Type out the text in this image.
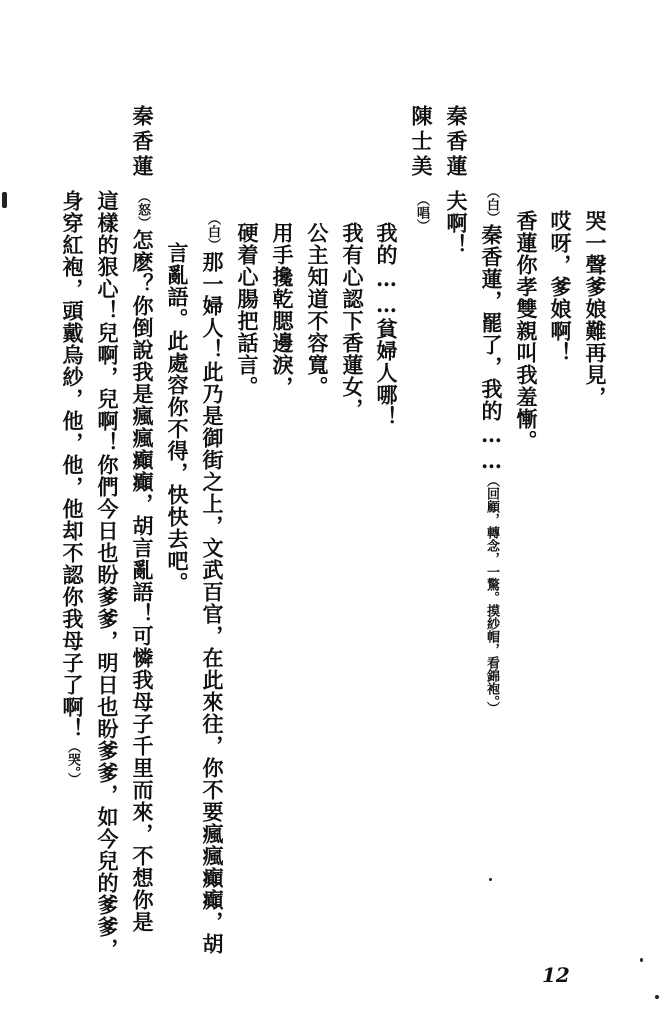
哭一聲爹娘難再見，
哎呀，爹娘啊！
香蓮你孝雙親叫我羞慚。
（白）秦香蓮，罷了，我的……（回顧，轉念，一驚。摸紗帽，看錦袍。）
秦香蓮
夫啊！
陳士美
（唱）
我的……貧婦人哪！
我有心認下香蓮女，
公主知道不容寬。
用手攙乾腮邊淚，
硬着心腸把話言。
（白）那一婦人！此乃是御街之上，文武百官，在此來往，你不要瘋瘋癲癲，胡
言亂語。此處容你不得，快快去吧。
秦香蓮
（怒）怎麽？你倒說我是瘋瘋癲癲，胡言亂語！可憐我母子千里而來，不想你是
這樣的狠心！兒啊，兒啊！你們今日也盼爹爹，明日也盼爹爹，如今兒的爹爹，
身穿紅袍，頭戴烏紗，他，他，他却不認你我母子了啊！（哭。）
12
